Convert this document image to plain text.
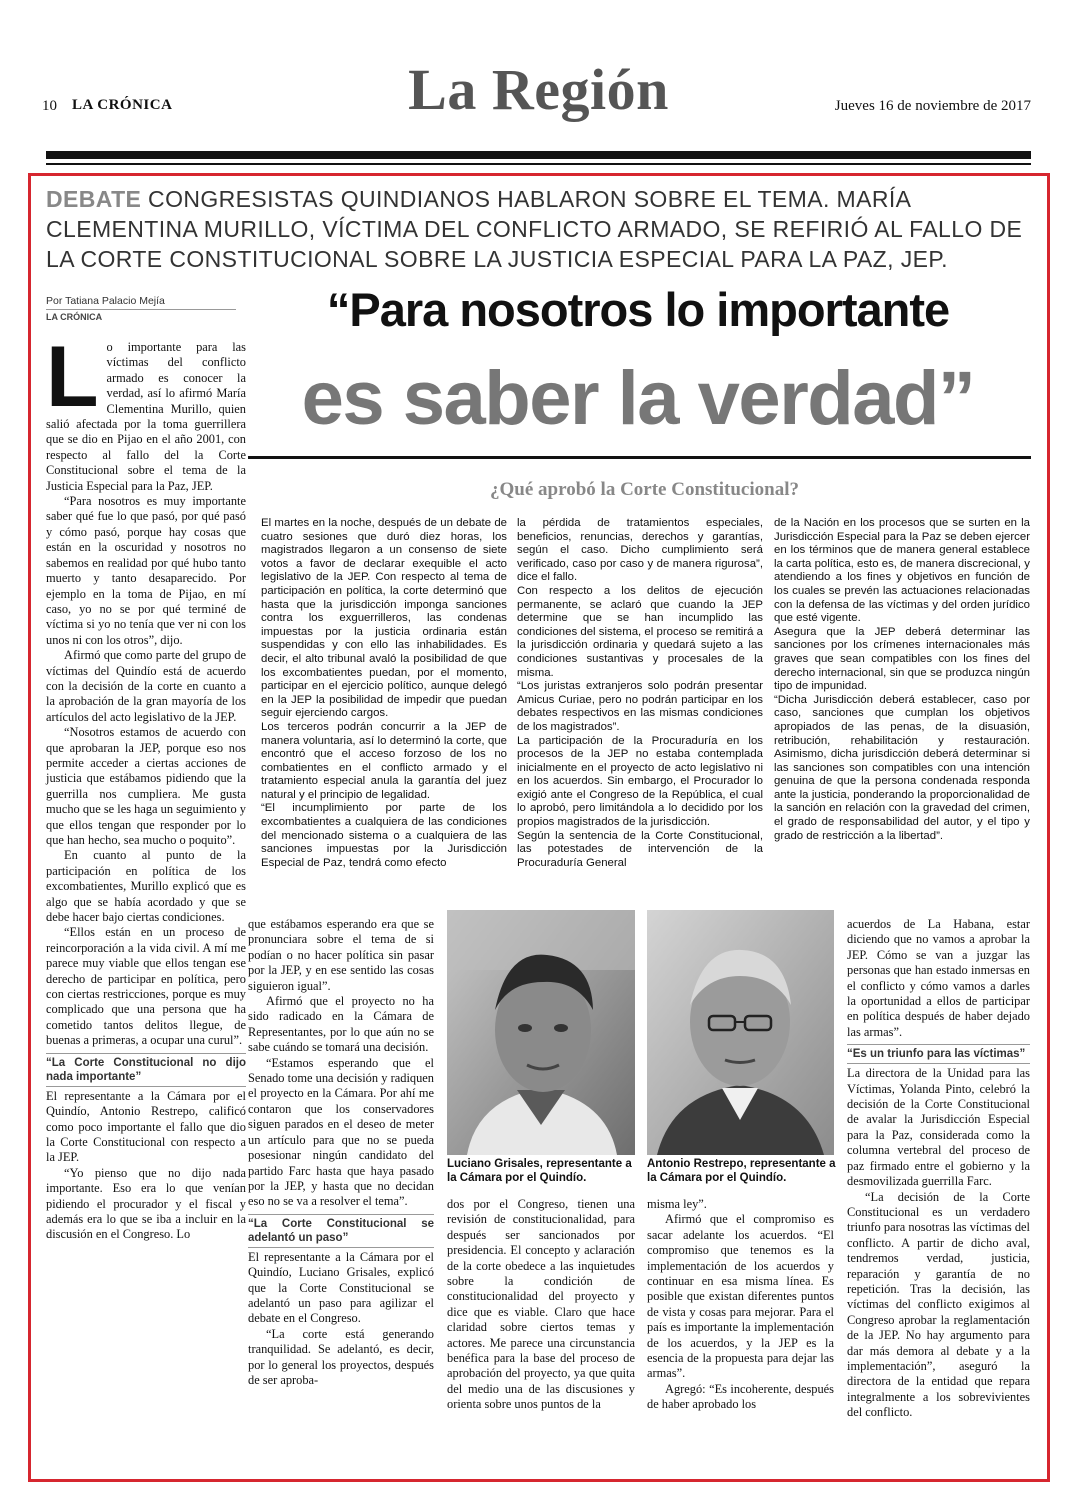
10 LA CRÓNICA	La Región	Jueves 16 de noviembre de 2017
DEBATE CONGRESISTAS QUINDIANOS HABLARON SOBRE EL TEMA. MARÍA CLEMENTINA MURILLO, VÍCTIMA DEL CONFLICTO ARMADO, SE REFIRIÓ AL FALLO DE LA CORTE CONSTITUCIONAL SOBRE LA JUSTICIA ESPECIAL PARA LA PAZ, JEP.
Por Tatiana Palacio Mejía
LA CRÓNICA	“Para nosotros lo importante
es saber la verdad”
L o importante para las víctimas del conflicto armado es conocer la verdad, así lo afirmó María Clementina Murillo, quien salió afectada por la toma guerrillera que se dio en Pijao en el año 2001, con respecto al fallo del la Corte Constitucional sobre el tema de la Justicia Especial para la Paz, JEP.

“Para nosotros es muy importante saber qué fue lo que pasó, por qué pasó y cómo pasó, porque hay cosas que están en la oscuridad y nosotros no sabemos en realidad por qué hubo tanto muerto y tanto desaparecido. Por ejemplo en la toma de Pijao, en mí caso, yo no se por qué terminé de víctima si yo no tenía que ver ni con los unos ni con los otros”, dijo.

Afirmó que como parte del grupo de víctimas del Quindío está de acuerdo con la decisión de la corte en cuanto a la aprobación de la gran mayoría de los artículos del acto legislativo de la JEP.

“Nosotros estamos de acuerdo con que aprobaran la JEP, porque eso nos permite acceder a ciertas acciones de justicia que estábamos pidiendo que la guerrilla nos cumpliera. Me gusta mucho que se les haga un seguimiento y que ellos tengan que responder por lo que han hecho, sea mucho o poquito”.

En cuanto al punto de la participación en política de los excombatientes, Murillo explicó que es algo que se había acordado y que se debe hacer bajo ciertas condiciones.

“Ellos están en un proceso de reincorporación a la vida civil. A mí me parece muy viable que ellos tengan ese derecho de participar en política, pero con ciertas restricciones, porque es muy complicado que una persona que ha cometido tantos delitos llegue, de buenas a primeras, a ocupar una curul”.

“La Corte Constitucional no dijo nada importante”

El representante a la Cámara por el Quindío, Antonio Restrepo, calificó como poco importante el fallo que dio la Corte Constitucional con respecto a la JEP.

“Yo pienso que no dijo nada importante. Eso era lo que venían pidiendo el procurador y el fiscal y además era lo que se iba a incluir en la discusión en el Congreso. Lo

¿Qué aprobó la Corte Constitucional?

El martes en la noche, después de un debate de cuatro sesiones que duró diez horas, los magistrados llegaron a un consenso de siete votos a favor de declarar exequible el acto legislativo de la JEP. Con respecto al tema de participación en política, la corte determinó que hasta que la jurisdicción imponga sanciones contra los exguerrilleros, las condenas impuestas por la justicia ordinaria están suspendidas y con ello las inhabilidades. Es decir, el alto tribunal avaló la posibilidad de que los excombatientes puedan, por el momento, participar en el ejercicio político, aunque delegó en la JEP la posibilidad de impedir que puedan seguir ejerciendo cargos.

Los terceros podrán concurrir a la JEP de manera voluntaria, así lo determinó la corte, que encontró que el acceso forzoso de los no combatientes en el conflicto armado y el tratamiento especial anula la garantía del juez natural y el principio de legalidad.

“El incumplimiento por parte de los excombatientes a cualquiera de las condiciones del mencionado sistema o a cualquiera de las sanciones impuestas por la Jurisdicción Especial de Paz, tendrá como efecto

la pérdida de tratamientos especiales, beneficios, renuncias, derechos y garantías, según el caso. Dicho cumplimiento será verificado, caso por caso y de manera rigurosa”, dice el fallo.

Con respecto a los delitos de ejecución permanente, se aclaró que cuando la JEP determine que se han incumplido las condiciones del sistema, el proceso se remitirá a la jurisdicción ordinaria y quedará sujeto a las condiciones sustantivas y procesales de la misma.

“Los juristas extranjeros solo podrán presentar Amicus Curiae, pero no podrán participar en los debates respectivos en las mismas condiciones de los magistrados”.

La participación de la Procuraduría en los procesos de la JEP no estaba contemplada inicialmente en el proyecto de acto legislativo ni en los acuerdos. Sin embargo, el Procurador lo exigió ante el Congreso de la República, el cual lo aprobó, pero limitándola a lo decidido por los propios magistrados de la jurisdicción.

Según la sentencia de la Corte Constitucional, las potestades de intervención de la Procuraduría General

de la Nación en los procesos que se surten en la Jurisdicción Especial para la Paz se deben ejercer en los términos que de manera general establece la carta política, esto es, de manera discrecional, y atendiendo a los fines y objetivos en función de los cuales se prevén las actuaciones relacionadas con la defensa de las víctimas y del orden jurídico que esté vigente.

Asegura que la JEP deberá determinar las sanciones por los crímenes internacionales más graves que sean compatibles con los fines del derecho internacional, sin que se produzca ningún tipo de impunidad.

“Dicha Jurisdicción deberá establecer, caso por caso, sanciones que cumplan los objetivos apropiados de las penas, de la disuasión, retribución, rehabilitación y restauración. Asimismo, dicha jurisdicción deberá determinar si las sanciones son compatibles con una intención genuina de que la persona condenada responda ante la justicia, ponderando la proporcionalidad de la sanción en relación con la gravedad del crimen, el grado de responsabilidad del autor, y el tipo y grado de restricción a la libertad”.

que estábamos esperando era que se pronunciara sobre el tema de si podían o no hacer política sin pasar por la JEP, y en ese sentido las cosas siguieron igual”.

Afirmó que el proyecto no ha sido radicado en la Cámara de Representantes, por lo que aún no se sabe cuándo se tomará una decisión.

“Estamos esperando que el Senado tome una decisión y radiquen el proyecto en la Cámara. Por ahí me contaron que los conservadores siguen parados en el deseo de meter un artículo para que no se pueda posesionar ningún candidato del partido Farc hasta que haya pasado por la JEP, y hasta que no decidan eso no se va a resolver el tema”.

“La Corte Constitucional se adelantó un paso”

El representante a la Cámara por el Quindío, Luciano Grisales, explicó que la Corte Constitucional se adelantó un paso para agilizar el debate en el Congreso.

“La corte está generando tranquilidad. Se adelantó, es decir, por lo general los proyectos, después de ser aproba-

Luciano Grisales, representante a la Cámara por el Quindío.
Antonio Restrepo, representante a la Cámara por el Quindío.

dos por el Congreso, tienen una revisión de constitucionalidad, para después ser sancionados por presidencia. El concepto y aclaración de la corte obedece a las inquietudes sobre la condición de constitucionalidad del proyecto y dice que es viable. Claro que hace claridad sobre ciertos temas y actores. Me parece una circunstancia benéfica para la base del proceso de aprobación del proyecto, ya que quita del medio una de las discusiones y orienta sobre unos puntos de la

misma ley”.

Afirmó que el compromiso es sacar adelante los acuerdos. “El compromiso que tenemos es la implementación de los acuerdos y continuar en esa misma línea. Es posible que existan diferentes puntos de vista y cosas para mejorar. Para el país es importante la implementación de los acuerdos, y la JEP es la esencia de la propuesta para dejar las armas”.

Agregó: “Es incoherente, después de haber aprobado los

acuerdos de La Habana, estar diciendo que no vamos a aprobar la JEP. Cómo se van a juzgar las personas que han estado inmersas en el conflicto y cómo vamos a darles la oportunidad a ellos de participar en política después de haber dejado las armas”.

“Es un triunfo para las víctimas”

La directora de la Unidad para las Víctimas, Yolanda Pinto, celebró la decisión de la Corte Constitucional de avalar la Jurisdicción Especial para la Paz, considerada como la columna vertebral del proceso de paz firmado entre el gobierno y la desmovilizada guerrilla Farc.

“La decisión de la Corte Constitucional es un verdadero triunfo para nosotras las víctimas del conflicto. A partir de dicho aval, tendremos verdad, justicia, reparación y garantía de no repetición. Tras la decisión, las víctimas del conflicto exigimos al Congreso aprobar la reglamentación de la JEP. No hay argumento para dar más demora al debate y a la implementación”, aseguró la directora de la entidad que repara integralmente a los sobrevivientes del conflicto.
